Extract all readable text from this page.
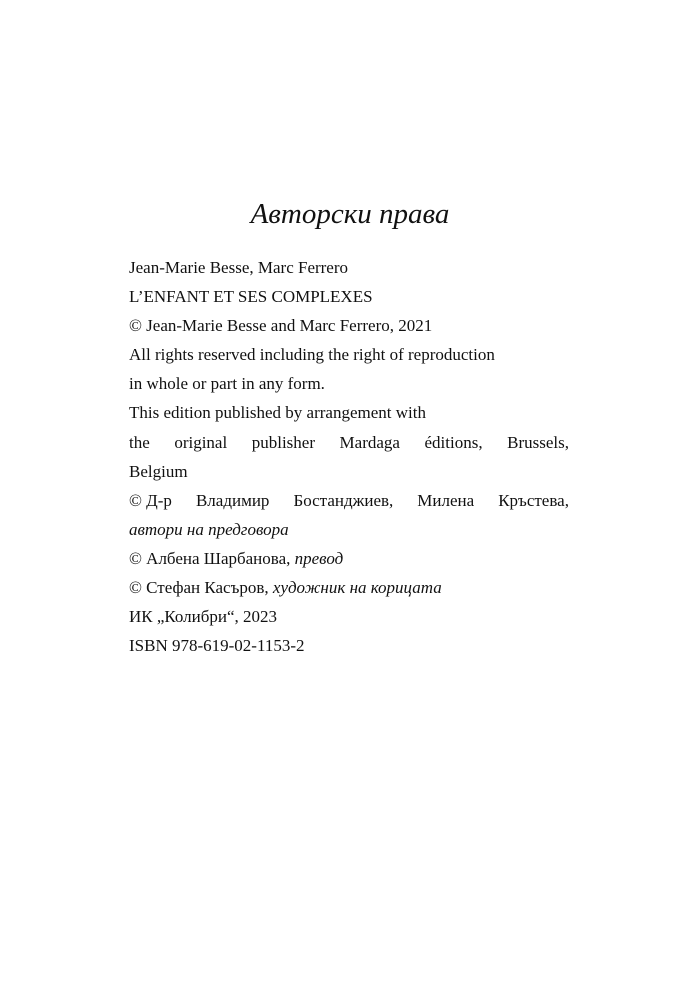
Авторски права
Jean-Marie Besse, Marc Ferrero
L’ENFANT ET SES COMPLEXES
© Jean-Marie Besse and Marc Ferrero, 2021
All rights reserved including the right of reproduction
in whole or part in any form.
This edition published by arrangement with
the original publisher Mardaga éditions, Brussels,
Belgium
© Д-р Владимир Бостанджиев, Милена Кръстева,
автори на предговора
© Албена Шарбанова, превод
© Стефан Касъров, художник на корицата
ИК „Колибри“, 2023
ISBN 978-619-02-1153-2
